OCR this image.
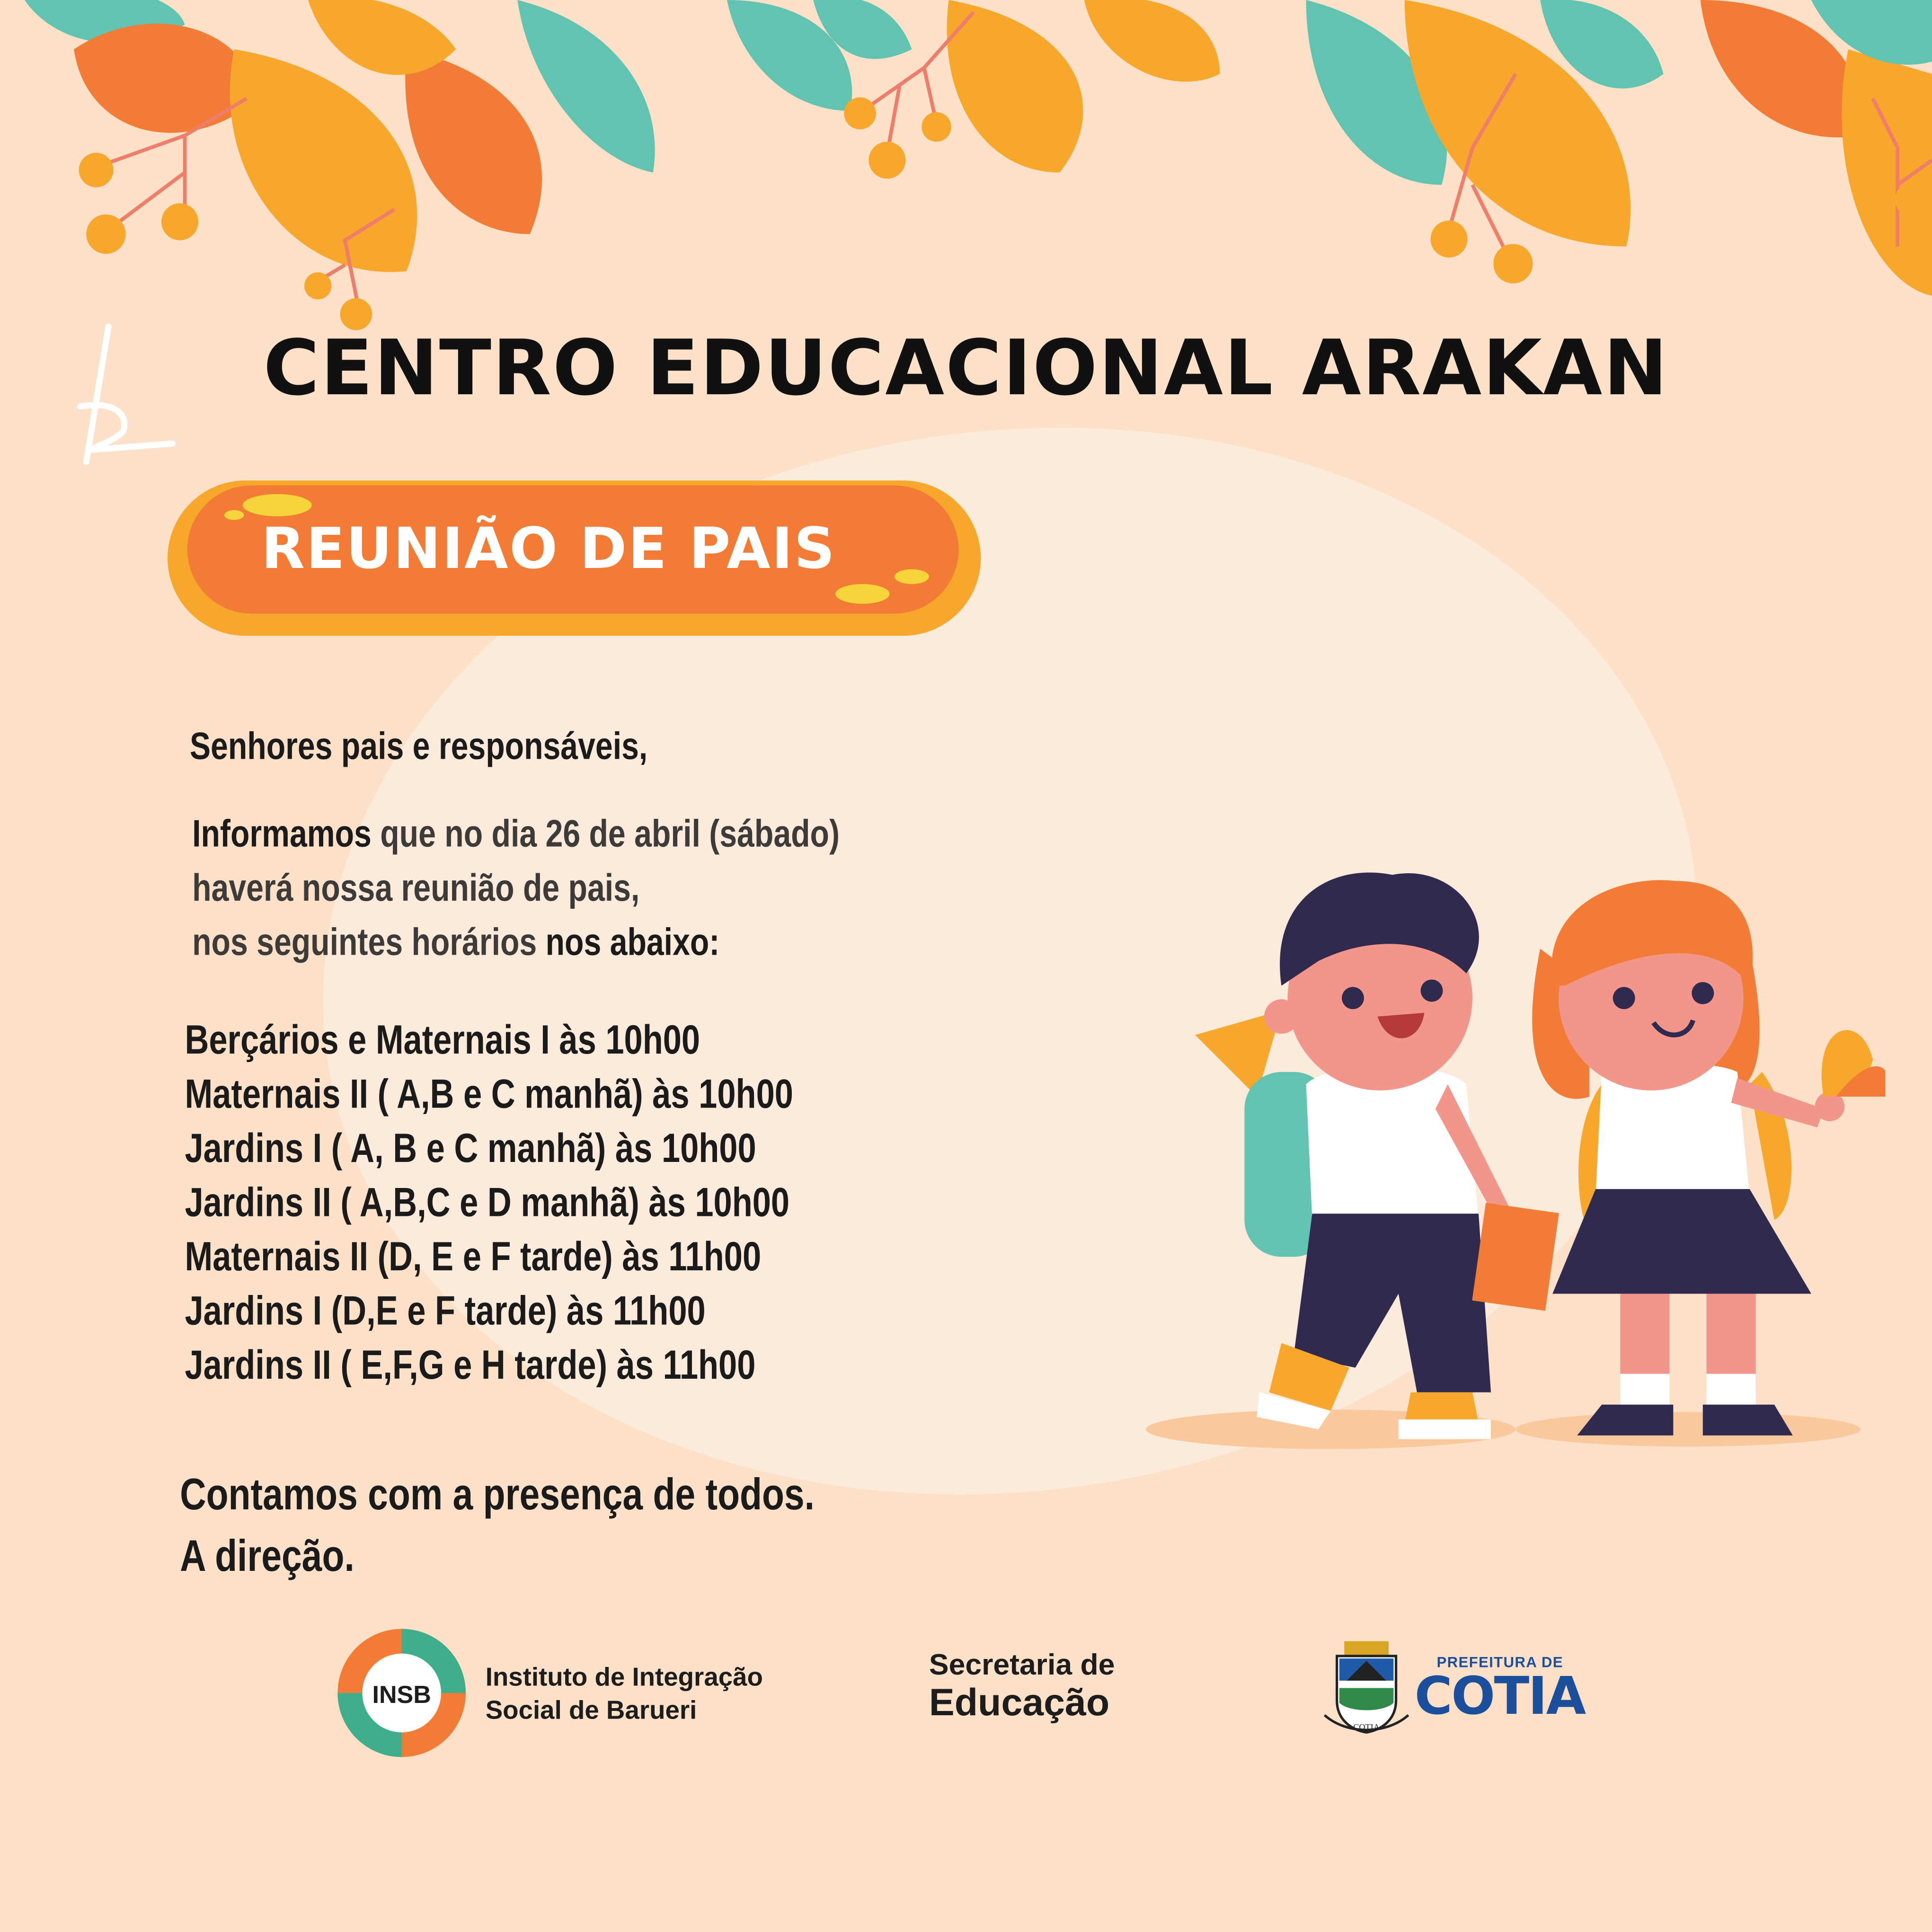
CENTRO EDUCACIONAL ARAKAN
REUNIÃO DE PAIS
Senhores pais e responsáveis,
Informamos que no dia 26 de abril (sábado)
haverá nossa reunião de pais,
nos seguintes horários nos abaixo:
Berçários e Maternais I às 10h00
Maternais II ( A,B e C manhã) às 10h00
Jardins I ( A, B e C manhã) às 10h00
Jardins II ( A,B,C e D manhã) às 10h00
Maternais II (D, E e F tarde) às 11h00
Jardins I (D,E e F tarde) às 11h00
Jardins II ( E,F,G e H tarde) às 11h00
Contamos com a presença de todos.
A direção.
INSB
Instituto de Integração
Social de Barueri
Secretaria de
Educação
COTIA
PREFEITURA DE
COTIA
